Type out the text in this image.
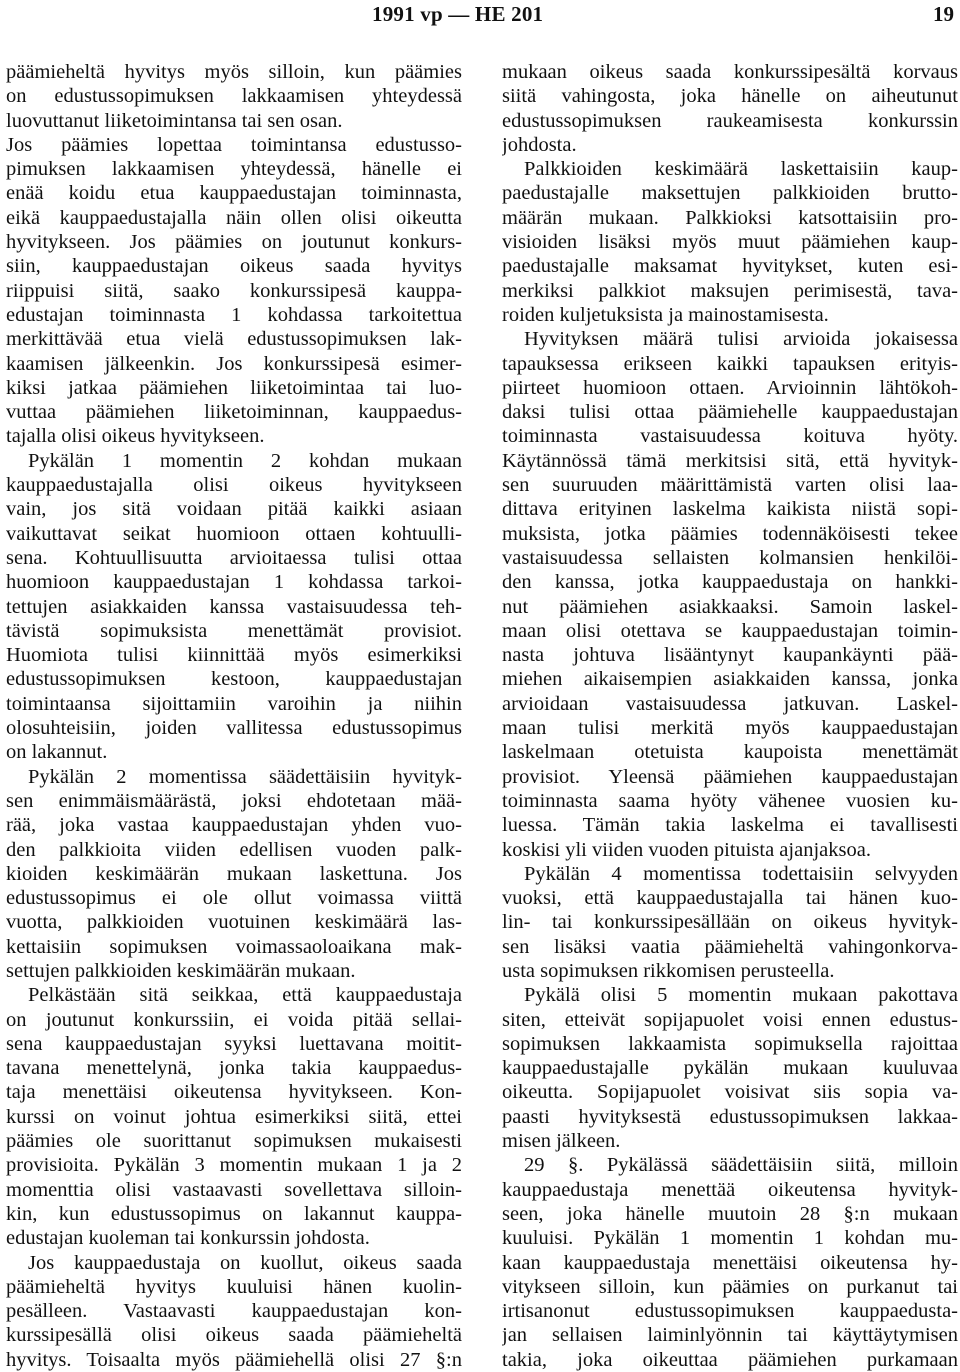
1991 vp — HE 201	19
päämieheltä hyvitys myös silloin, kun päämies
on edustussopimuksen lakkaamisen yhteydessä
luovuttanut liiketoimintansa tai sen osan.
Jos päämies lopettaa toimintansa edustusso-
pimuksen lakkaamisen yhteydessä, hänelle ei
enää koidu etua kauppaedustajan toiminnasta,
eikä kauppaedustajalla näin ollen olisi oikeutta
hyvitykseen. Jos päämies on joutunut konkurs-
siin, kauppaedustajan oikeus saada hyvitys
riippuisi siitä, saako konkurssipesä kauppa-
edustajan toiminnasta 1 kohdassa tarkoitettua
merkittävää etua vielä edustussopimuksen lak-
kaamisen jälkeenkin. Jos konkurssipesä esimer-
kiksi jatkaa päämiehen liiketoimintaa tai luo-
vuttaa päämiehen liiketoiminnan, kauppaedus-
tajalla olisi oikeus hyvitykseen.
Pykälän 1 momentin 2 kohdan mukaan
kauppaedustajalla olisi oikeus hyvitykseen
vain, jos sitä voidaan pitää kaikki asiaan
vaikuttavat seikat huomioon ottaen kohtuulli-
sena. Kohtuullisuutta arvioitaessa tulisi ottaa
huomioon kauppaedustajan 1 kohdassa tarkoi-
tettujen asiakkaiden kanssa vastaisuudessa teh-
tävistä sopimuksista menettämät provisiot.
Huomiota tulisi kiinnittää myös esimerkiksi
edustussopimuksen kestoon, kauppaedustajan
toimintaansa sijoittamiin varoihin ja niihin
olosuhteisiin, joiden vallitessa edustussopimus
on lakannut.
Pykälän 2 momentissa säädettäisiin hyvityk-
sen enimmäismäärästä, joksi ehdotetaan mää-
rää, joka vastaa kauppaedustajan yhden vuo-
den palkkioita viiden edellisen vuoden palk-
kioiden keskimäärän mukaan laskettuna. Jos
edustussopimus ei ole ollut voimassa viittä
vuotta, palkkioiden vuotuinen keskimäärä las-
kettaisiin sopimuksen voimassaoloaikana mak-
settujen palkkioiden keskimäärän mukaan.
Pelkästään sitä seikkaa, että kauppaedustaja
on joutunut konkurssiin, ei voida pitää sellai-
sena kauppaedustajan syyksi luettavana moitit-
tavana menettelynä, jonka takia kauppaedus-
taja menettäisi oikeutensa hyvitykseen. Kon-
kurssi on voinut johtua esimerkiksi siitä, ettei
päämies ole suorittanut sopimuksen mukaisesti
provisioita. Pykälän 3 momentin mukaan 1 ja 2
momenttia olisi vastaavasti sovellettava silloin-
kin, kun edustussopimus on lakannut kauppa-
edustajan kuoleman tai konkurssin johdosta.
Jos kauppaedustaja on kuollut, oikeus saada
päämieheltä hyvitys kuuluisi hänen kuolin-
pesälleen. Vastaavasti kauppaedustajan kon-
kurssipesällä olisi oikeus saada päämieheltä
hyvitys. Toisaalta myös päämiehellä olisi 27 §:n
mukaan oikeus saada konkurssipesältä korvaus
siitä vahingosta, joka hänelle on aiheutunut
edustussopimuksen raukeamisesta konkurssin
johdosta.
Palkkioiden keskimäärä laskettaisiin kaup-
paedustajalle maksettujen palkkioiden brutto-
määrän mukaan. Palkkioksi katsottaisiin pro-
visioiden lisäksi myös muut päämiehen kaup-
paedustajalle maksamat hyvitykset, kuten esi-
merkiksi palkkiot maksujen perimisestä, tava-
roiden kuljetuksista ja mainostamisesta.
Hyvityksen määrä tulisi arvioida jokaisessa
tapauksessa erikseen kaikki tapauksen erityis-
piirteet huomioon ottaen. Arvioinnin lähtökoh-
daksi tulisi ottaa päämiehelle kauppaedustajan
toiminnasta vastaisuudessa koituva hyöty.
Käytännössä tämä merkitsisi sitä, että hyvityk-
sen suuruuden määrittämistä varten olisi laa-
dittava erityinen laskelma kaikista niistä sopi-
muksista, jotka päämies todennäköisesti tekee
vastaisuudessa sellaisten kolmansien henkilöi-
den kanssa, jotka kauppaedustaja on hankki-
nut päämiehen asiakkaaksi. Samoin laskel-
maan olisi otettava se kauppaedustajan toimin-
nasta johtuva lisääntynyt kaupankäynti pää-
miehen aikaisempien asiakkaiden kanssa, jonka
arvioidaan vastaisuudessa jatkuvan. Laskel-
maan tulisi merkitä myös kauppaedustajan
laskelmaan otetuista kaupoista menettämät
provisiot. Yleensä päämiehen kauppaedustajan
toiminnasta saama hyöty vähenee vuosien ku-
luessa. Tämän takia laskelma ei tavallisesti
koskisi yli viiden vuoden pituista ajanjaksoa.
Pykälän 4 momentissa todettaisiin selvyyden
vuoksi, että kauppaedustajalla tai hänen kuo-
lin- tai konkurssipesällään on oikeus hyvityk-
sen lisäksi vaatia päämieheltä vahingonkorva-
usta sopimuksen rikkomisen perusteella.
Pykälä olisi 5 momentin mukaan pakottava
siten, etteivät sopijapuolet voisi ennen edustus-
sopimuksen lakkaamista sopimuksella rajoittaa
kauppaedustajalle pykälän mukaan kuuluvaa
oikeutta. Sopijapuolet voisivat siis sopia va-
paasti hyvityksestä edustussopimuksen lakkaa-
misen jälkeen.
29 §. Pykälässä säädettäisiin siitä, milloin
kauppaedustaja menettää oikeutensa hyvityk-
seen, joka hänelle muutoin 28 §:n mukaan
kuuluisi. Pykälän 1 momentin 1 kohdan mu-
kaan kauppaedustaja menettäisi oikeutensa hy-
vitykseen silloin, kun päämies on purkanut tai
irtisanonut edustussopimuksen kauppaedusta-
jan sellaisen laiminlyönnin tai käyttäytymisen
takia, joka oikeuttaa päämiehen purkamaan
